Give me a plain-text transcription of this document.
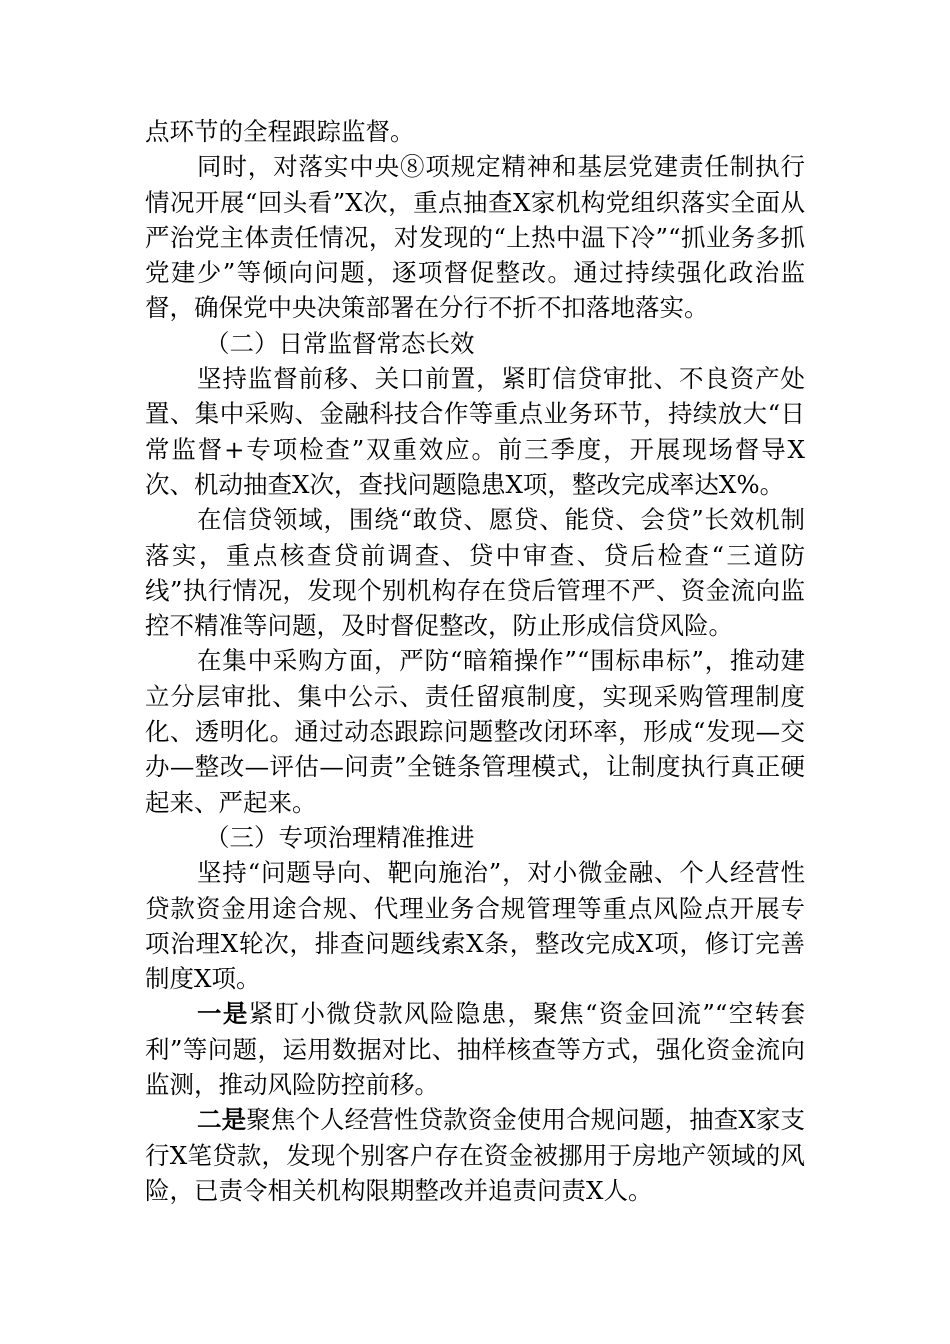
点环节的全程跟踪监督。

同时，对落实中央⑧项规定精神和基层党建责任制执行情况开展“回头看”X次，重点抽查X家机构党组织落实全面从严治党主体责任情况，对发现的“上热中温下冷”“抓业务多抓党建少”等倾向问题，逐项督促整改。通过持续强化政治监督，确保党中央决策部署在分行不折不扣落地落实。

（二）日常监督常态长效

坚持监督前移、关口前置，紧盯信贷审批、不良资产处置、集中采购、金融科技合作等重点业务环节，持续放大“日常监督+专项检查”双重效应。前三季度，开展现场督导X次、机动抽查X次，查找问题隐患X项，整改完成率达X%。

在信贷领域，围绕“敢贷、愿贷、能贷、会贷”长效机制落实，重点核查贷前调查、贷中审查、贷后检查“三道防线”执行情况，发现个别机构存在贷后管理不严、资金流向监控不精准等问题，及时督促整改，防止形成信贷风险。

在集中采购方面，严防“暗箱操作”“围标串标”，推动建立分层审批、集中公示、责任留痕制度，实现采购管理制度化、透明化。通过动态跟踪问题整改闭环率，形成“发现—交办—整改—评估—问责”全链条管理模式，让制度执行真正硬起来、严起来。

（三）专项治理精准推进

坚持“问题导向、靶向施治”，对小微金融、个人经营性贷款资金用途合规、代理业务合规管理等重点风险点开展专项治理X轮次，排查问题线索X条，整改完成X项，修订完善制度X项。

一是紧盯小微贷款风险隐患，聚焦“资金回流”“空转套利”等问题，运用数据对比、抽样核查等方式，强化资金流向监测，推动风险防控前移。

二是聚焦个人经营性贷款资金使用合规问题，抽查X家支行X笔贷款，发现个别客户存在资金被挪用于房地产领域的风险，已责令相关机构限期整改并追责问责X人。
